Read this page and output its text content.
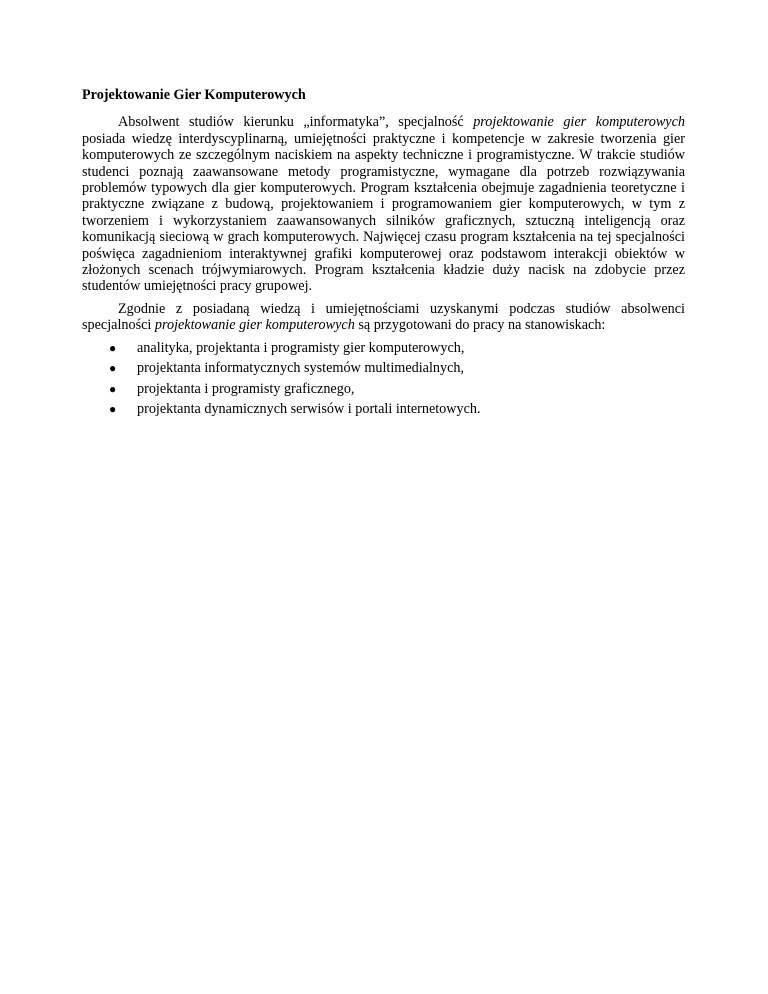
Projektowanie Gier Komputerowych

Absolwent studiów kierunku „informatyka”, specjalność projektowanie gier komputerowych posiada wiedzę interdyscyplinarną, umiejętności praktyczne i kompetencje w zakresie tworzenia gier komputerowych ze szczególnym naciskiem na aspekty techniczne i programistyczne. W trakcie studiów studenci poznają zaawansowane metody programistyczne, wymagane dla potrzeb rozwiązywania problemów typowych dla gier komputerowych. Program kształcenia obejmuje zagadnienia teoretyczne i praktyczne związane z budową, projektowaniem i programowaniem gier komputerowych, w tym z tworzeniem i wykorzystaniem zaawansowanych silników graficznych, sztuczną inteligencją oraz komunikacją sieciową w grach komputerowych. Najwięcej czasu program kształcenia na tej specjalności poświęca zagadnieniom interaktywnej grafiki komputerowej oraz podstawom interakcji obiektów w złożonych scenach trójwymiarowych. Program kształcenia kładzie duży nacisk na zdobycie przez studentów umiejętności pracy grupowej.

Zgodnie z posiadaną wiedzą i umiejętnościami uzyskanymi podczas studiów absolwenci specjalności projektowanie gier komputerowych są przygotowani do pracy na stanowiskach:

● analityka, projektanta i programisty gier komputerowych,
● projektanta informatycznych systemów multimedialnych,
● projektanta i programisty graficznego,
● projektanta dynamicznych serwisów i portali internetowych.
